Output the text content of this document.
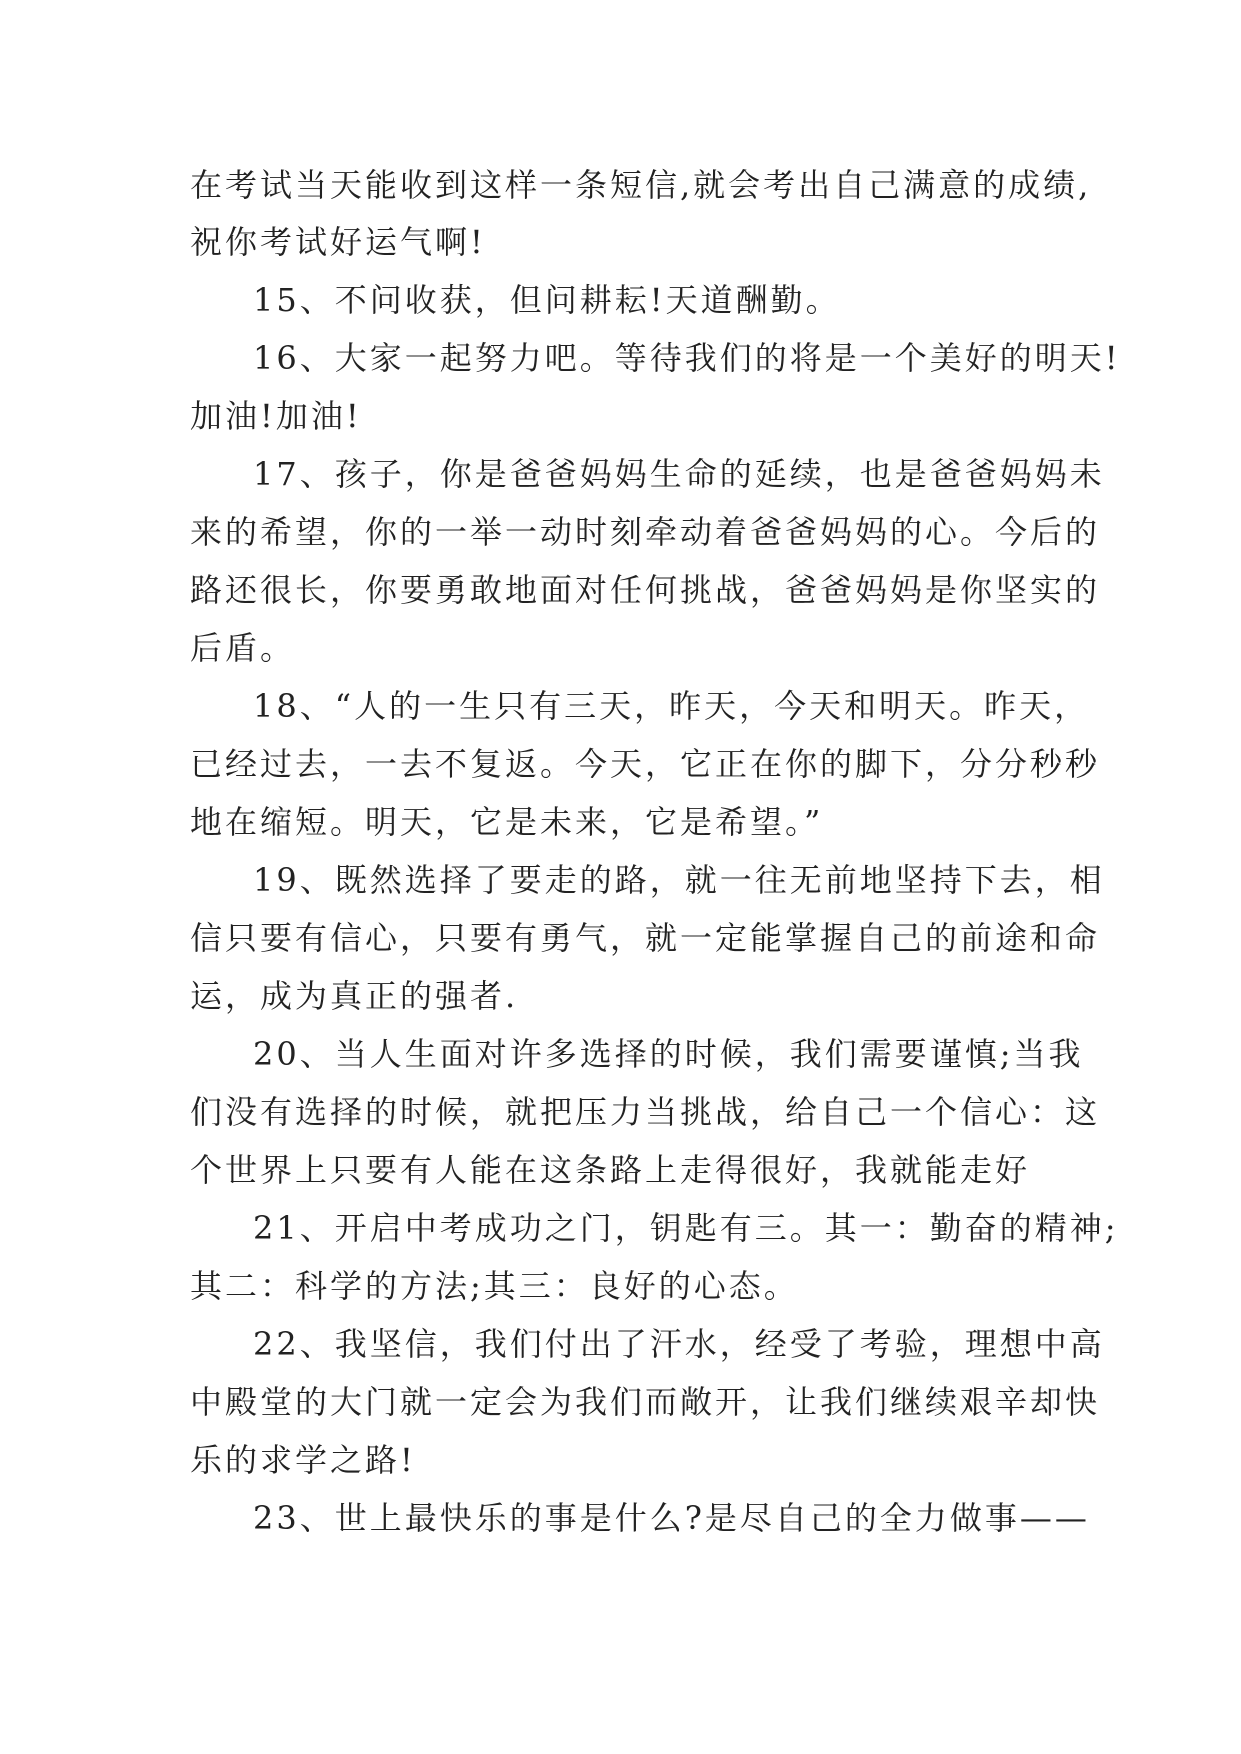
在考试当天能收到这样一条短信,就会考出自己满意的成绩,
祝你考试好运气啊!
15、不问收获，但问耕耘!天道酬勤。
16、大家一起努力吧。等待我们的将是一个美好的明天!
加油!加油!
17、孩子，你是爸爸妈妈生命的延续，也是爸爸妈妈未
来的希望，你的一举一动时刻牵动着爸爸妈妈的心。今后的
路还很长，你要勇敢地面对任何挑战，爸爸妈妈是你坚实的
后盾。
18、“人的一生只有三天，昨天，今天和明天。昨天，
已经过去，一去不复返。今天，它正在你的脚下，分分秒秒
地在缩短。明天，它是未来，它是希望。”
19、既然选择了要走的路，就一往无前地坚持下去，相
信只要有信心，只要有勇气，就一定能掌握自己的前途和命
运，成为真正的强者.
20、当人生面对许多选择的时候，我们需要谨慎;当我
们没有选择的时候，就把压力当挑战，给自己一个信心：这
个世界上只要有人能在这条路上走得很好，我就能走好
21、开启中考成功之门，钥匙有三。其一：勤奋的精神;
其二：科学的方法;其三：良好的心态。
22、我坚信，我们付出了汗水，经受了考验，理想中高
中殿堂的大门就一定会为我们而敞开，让我们继续艰辛却快
乐的求学之路!
23、世上最快乐的事是什么?是尽自己的全力做事——
